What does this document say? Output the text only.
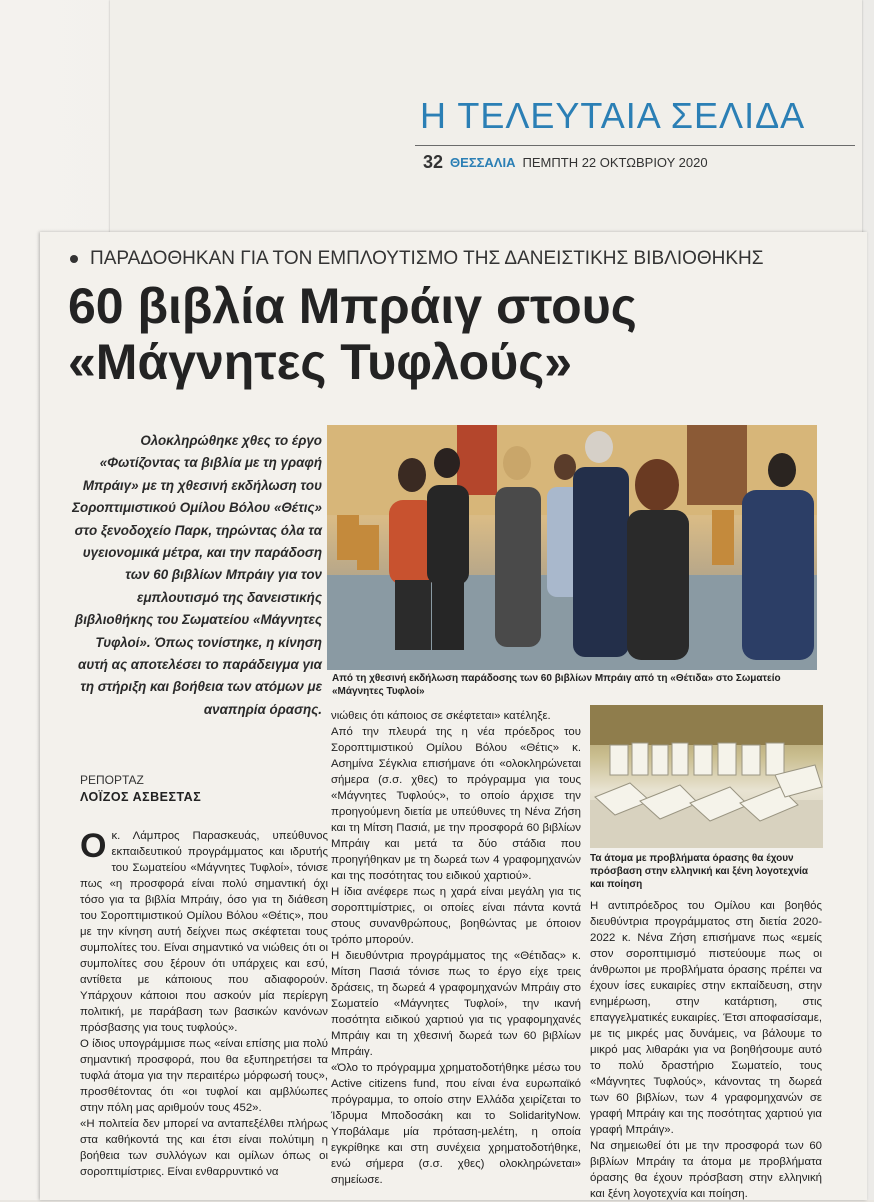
Η ΤΕΛΕΥΤΑΙΑ ΣΕΛΙΔΑ
32 ΘΕΣΣΑΛΙΑ ΠΕΜΠΤΗ 22 ΟΚΤΩΒΡΙΟΥ 2020
ΠΑΡΑΔΟΘΗΚΑΝ ΓΙΑ ΤΟΝ ΕΜΠΛΟΥΤΙΣΜΟ ΤΗΣ ΔΑΝΕΙΣΤΙΚΗΣ ΒΙΒΛΙΟΘΗΚΗΣ
60 βιβλία Μπράιγ στους «Μάγνητες Τυφλούς»
Ολοκληρώθηκε χθες το έργο «Φωτίζοντας τα βιβλία με τη γραφή Μπράιγ» με τη χθεσινή εκδήλωση του Σοροπτιμιστικού Ομίλου Βόλου «Θέτις» στο ξενοδοχείο Παρκ, τηρώντας όλα τα υγειονομικά μέτρα, και την παράδοση των 60 βιβλίων Μπράιγ για τον εμπλουτισμό της δανειστικής βιβλιοθήκης του Σωματείου «Μάγνητες Τυφλοί». Όπως τονίστηκε, η κίνηση αυτή ας αποτελέσει το παράδειγμα για τη στήριξη και βοήθεια των ατόμων με αναπηρία όρασης.
Από τη χθεσινή εκδήλωση παράδοσης των 60 βιβλίων Μπράιγ από τη «Θέτιδα» στο Σωματείο «Μάγνητες Τυφλοί»
ΡΕΠΟΡΤΑΖ
ΛΟΪΖΟΣ ΑΣΒΕΣΤΑΣ

Ο κ. Λάμπρος Παρασκευάς, υπεύθυνος εκπαιδευτικού προγράμματος και ιδρυτής του Σωματείου «Μάγνητες Τυφλοί», τόνισε πως «η προσφορά είναι πολύ σημαντική όχι τόσο για τα βιβλία Μπράιγ, όσο για τη διάθεση του Σοροπτιμιστικού Ομίλου Βόλου «Θέτις», που με την κίνηση αυτή δείχνει πως σκέφτεται τους συμπολίτες του. Είναι σημαντικό να νιώθεις ότι οι συμπολίτες σου ξέρουν ότι υπάρχεις και εσύ, αντίθετα με κάποιους που αδιαφορούν. Υπάρχουν κάποιοι που ασκούν μία περίεργη πολιτική, με παράβαση των βασικών κανόνων πρόσβασης για τους τυφλούς».

Ο ίδιος υπογράμμισε πως «είναι επίσης μια πολύ σημαντική προσφορά, που θα εξυπηρετήσει τα τυφλά άτομα για την περαιτέρω μόρφωσή τους», προσθέτοντας ότι «οι τυφλοί και αμβλύωπες στην πόλη μας αριθμούν τους 452».

«Η πολιτεία δεν μπορεί να ανταπεξέλθει πλήρως στα καθήκοντά της και έτσι είναι πολύτιμη η βοήθεια των συλλόγων και ομίλων όπως οι σοροπτιμίστριες. Είναι ενθαρρυντικό να

νιώθεις ότι κάποιος σε σκέφτεται» κατέληξε.

Από την πλευρά της η νέα πρόεδρος του Σοροπτιμιστικού Ομίλου Βόλου «Θέτις» κ. Ασημίνα Σέγκλια επισήμανε ότι «ολοκληρώνεται σήμερα (σ.σ. χθες) το πρόγραμμα για τους «Μάγνητες Τυφλούς», το οποίο άρχισε την προηγούμενη διετία με υπεύθυνες τη Νένα Ζήση και τη Μίτση Πασιά, με την προσφορά 60 βιβλίων Μπράιγ και μετά τα δύο στάδια που προηγήθηκαν με τη δωρεά των 4 γραφομηχανών και της ποσότητας του ειδικού χαρτιού».

Η ίδια ανέφερε πως η χαρά είναι μεγάλη για τις σοροπτιμίστριες, οι οποίες είναι πάντα κοντά στους συνανθρώπους, βοηθώντας με όποιον τρόπο μπορούν.

Η διευθύντρια προγράμματος της «Θέτιδας» κ. Μίτση Πασιά τόνισε πως το έργο είχε τρεις δράσεις, τη δωρεά 4 γραφομηχανών Μπράιγ στο Σωματείο «Μάγνητες Τυφλοί», την ικανή ποσότητα ειδικού χαρτιού για τις γραφομηχανές Μπράιγ και τη χθεσινή δωρεά των 60 βιβλίων Μπράιγ.

«Όλο το πρόγραμμα χρηματοδοτήθηκε μέσω του Active citizens fund, που είναι ένα ευρωπαϊκό πρόγραμμα, το οποίο στην Ελλάδα χειρίζεται το Ίδρυμα Μποδοσάκη και το SolidarityNow. Υποβάλαμε μία πρόταση-μελέτη, η οποία εγκρίθηκε και στη συνέχεια χρηματοδοτήθηκε, ενώ σήμερα (σ.σ. χθες) ολοκληρώνεται» σημείωσε.

Τα άτομα με προβλήματα όρασης θα έχουν πρόσβαση στην ελληνική και ξένη λογοτεχνία και ποίηση

Η αντιπρόεδρος του Ομίλου και βοηθός διευθύντρια προγράμματος στη διετία 2020-2022 κ. Νένα Ζήση επισήμανε πως «εμείς στον σοροπτιμισμό πιστεύουμε πως οι άνθρωποι με προβλήματα όρασης πρέπει να έχουν ίσες ευκαιρίες στην εκπαίδευση, στην ενημέρωση, στην κατάρτιση, στις επαγγελματικές ευκαιρίες. Έτσι αποφασίσαμε, με τις μικρές μας δυνάμεις, να βάλουμε το μικρό μας λιθαράκι για να βοηθήσουμε αυτό το πολύ δραστήριο Σωματείο, τους «Μάγνητες Τυφλούς», κάνοντας τη δωρεά των 60 βιβλίων, των 4 γραφομηχανών σε γραφή Μπράιγ και της ποσότητας χαρτιού για γραφή Μπράιγ».

Να σημειωθεί ότι με την προσφορά των 60 βιβλίων Μπράιγ τα άτομα με προβλήματα όρασης θα έχουν πρόσβαση στην ελληνική και ξένη λογοτεχνία και ποίηση.
